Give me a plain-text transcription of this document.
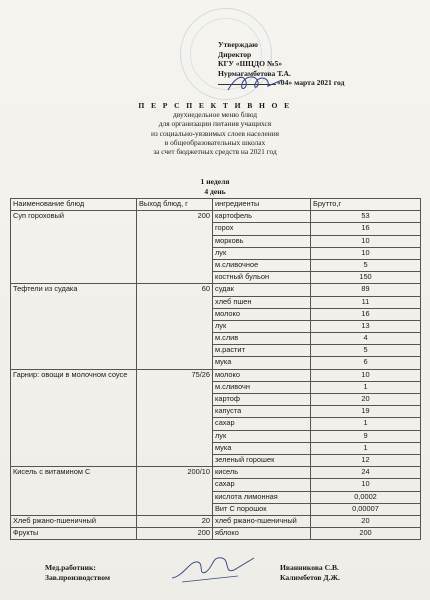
Утверждаю
Директор
КГУ «ШЦДО №5»
Нурмагамбетова Т.А.
«04» марта 2021 год
П Е Р С П Е К Т И В Н О Е
двухнедельное меню блюд
для организации питания учащихся
из социально-уязвимых слоев населения
в общеобразовательных школах
за счет бюджетных средств на 2021 год
1 неделя
4 день
Наименование блюд	Выход блюд, г	ингредиенты	Брутто,г
Суп гороховый	200	картофель	53
		горох	16
		морковь	10
		лук	10
		м.сливочное	5
		костный бульон	150
Тефтели из судака	60	судак	89
		хлеб пшен	11
		молоко	16
		лук	13
		м.слив	4
		м.растит	5
		мука	6
Гарнир: овощи в молочном соусе	75/26	молоко	10
		м.сливочн	1
		картоф	20
		капуста	19
		сахар	1
		лук	9
		мука	1
		зеленый горошек	12
Кисель с витамином С	200/10	кисель	24
		сахар	10
		кислота лимонная	0,0002
		Вит С порошок	0,00007
Хлеб ржано-пшеничный	20	хлеб ржано-пшеничный	20
Фрукты	200	яблоко	200
Мед.работник:
Зав.производством
Иванникова С.В.
Калимбетов Д.Ж.
